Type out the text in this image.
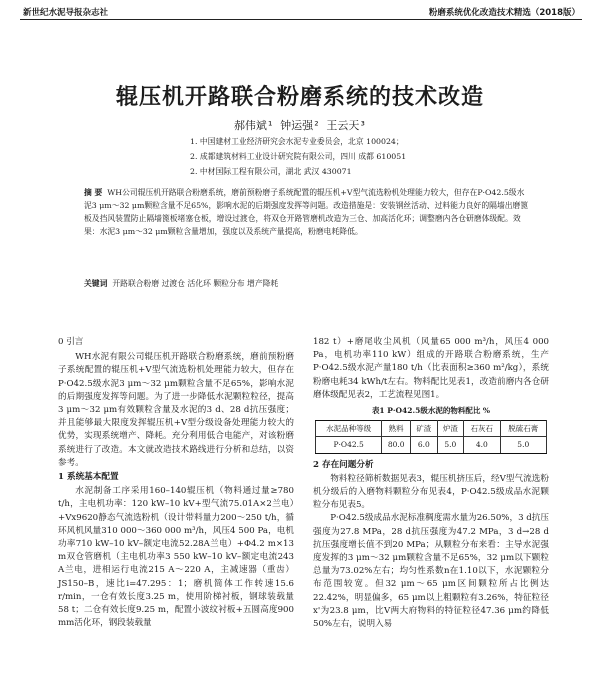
新世纪水泥导报杂志社	粉磨系统优化改造技术精选（2018版）
辊压机开路联合粉磨系统的技术改造
郝伟斌¹ 钟运强² 王云天³
1. 中国建材工业经济研究会水泥专业委员会，北京 100024；
2. 成都建筑材料工业设计研究院有限公司，四川 成都 610051
2. 中材国际工程有限公司，湖北 武汉 430071
摘 要 WH公司辊压机开路联合粉磨系统，磨前预粉磨子系统配置的辊压机+V型气流选粉机处理能力较大，但存在P·O42.5级水泥3 μm～32 μm颗粒含量不足65%，影响水泥的后期强度发挥等问题。改造措施是：安装钢丝活动、过料能力良好的隔墙出磨篦板及挡风装置防止隔墙篦板堵塞仓板，增设过渡仓，将双仓开路管磨机改造为三仓、加高活化环；调整磨内各仓研磨体级配。效果：水泥3 μm～32 μm颗粒含量增加，强度以及系统产量提高，粉磨电耗降低。
关键词 开路联合粉磨 过渡仓 活化环 颗粒分布 增产降耗
0 引言

WH水泥有限公司辊压机开路联合粉磨系统，磨前预粉磨子系统配置的辊压机+V型气流选粉机处理能力较大，但存在P·O42.5级水泥3 μm～32 μm颗粒含量不足65%，影响水泥的后期强度发挥等问题。为了进一步降低水泥颗粒粒径，提高3 μm～32 μm有效颗粒含量及水泥的3 d、28 d抗压强度；并且能够最大限度发挥辊压机+V型分级设备处理能力较大的优势，实现系统增产、降耗。充分利用低合电能产，对该粉磨系统进行了改造。本文就改造技术路线进行分析和总结，以资参考。

1 系统基本配置

水泥制备工序采用160–140辊压机（物料通过量≥780 t/h，主电机功率：120 kW–10 kV+型气流75.01A×2兰电）+Vx9620静态气流选粉机（设计带料量力200～250 t/h，循环风机风量310 000～360 000 m³/h，风压4 500 Pa，电机功率710 kW–10 kV–额定电流52.28A兰电）+Φ4.2 m×13 m双仓管磨机（主电机功率3 550 kW–10 kV–额定电流243 A兰电，进相运行电流215 A～220 A，主减速器（重齿）JS150–B，速比i=47.295：1；磨机简体工作转速15.6 r/min，一仓有效长度3.25 m，使用阶梯衬板，钢球装载量58 t；二仓有效长度9.25 m，配置小波纹衬板+五圆高度900 mm活化环，钢段装载量

182 t）+磨尾收尘风机（风量65 000 m³/h，风压4 000 Pa，电机功率110 kW）组成的开路联合粉磨系统，生产P·O42.5级水泥产量180 t/h（比表面积≥360 m²/kg），系统粉磨电耗34 kWh/t左右。物料配比见表1，改造前磨内各仓研磨体级配见表2，工艺流程见图1。

表1 P·O42.5级水泥的物料配比 %
水泥品种等级	熟料	矿渣	炉渣	石灰石	脱硫石膏
P·O42.5	80.0	6.0	5.0	4.0	5.0
2 存在问题分析

物料粒径筛析数据见表3，辊压机挤压后，经V型气流选粉机分级后的入磨物料颗粒分布见表4，P·O42.5级成品水泥颗粒分布见表5。

P·O42.5级成品水泥标准稠度需水量为26.50%，3 d抗压强度为27.8 MPa，28 d抗压强度为47.2 MPa，3 d→28 d抗压强度增长值不到20 MPa；从颗粒分布来看：主导水泥强度发挥的3 μm～32 μm颗粒含量不足65%，32 μm以下颗粒总量为73.02%左右；均匀性系数n在1.10以下，水泥颗粒分布范围较宽。但32 μm～65 μm区间颗粒所占比例达22.42%，明显偏多，65 μm以上粗颗粒有3.26%，特征粒径x'为23.8 μm，比V两大府物料的特征粒径47.36 μm约降低50%左右，说明入易
